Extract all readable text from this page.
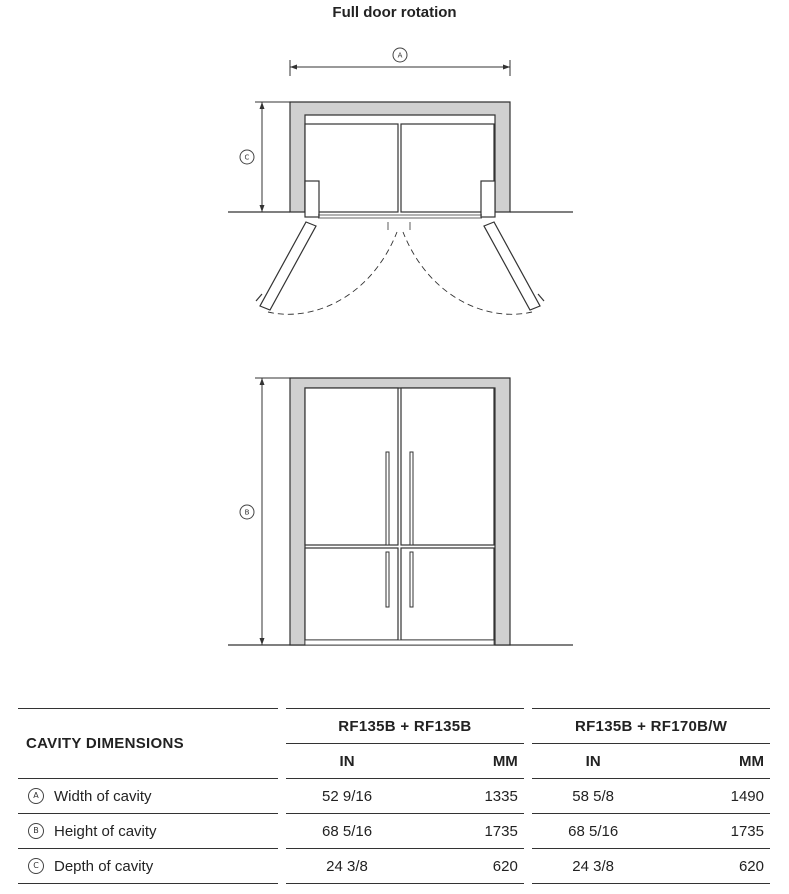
Full door rotation
A
C
B
CAVITY DIMENSIONS		RF135B + RF135B			RF135B + RF170B/W	
		IN	MM		IN	MM

A Width of cavity		52 9/16	1335		58 5/8	1490

B Height of cavity		68 5/16	1735		68 5/16	1735

C Depth of cavity		24 3/8	620		24 3/8	620
